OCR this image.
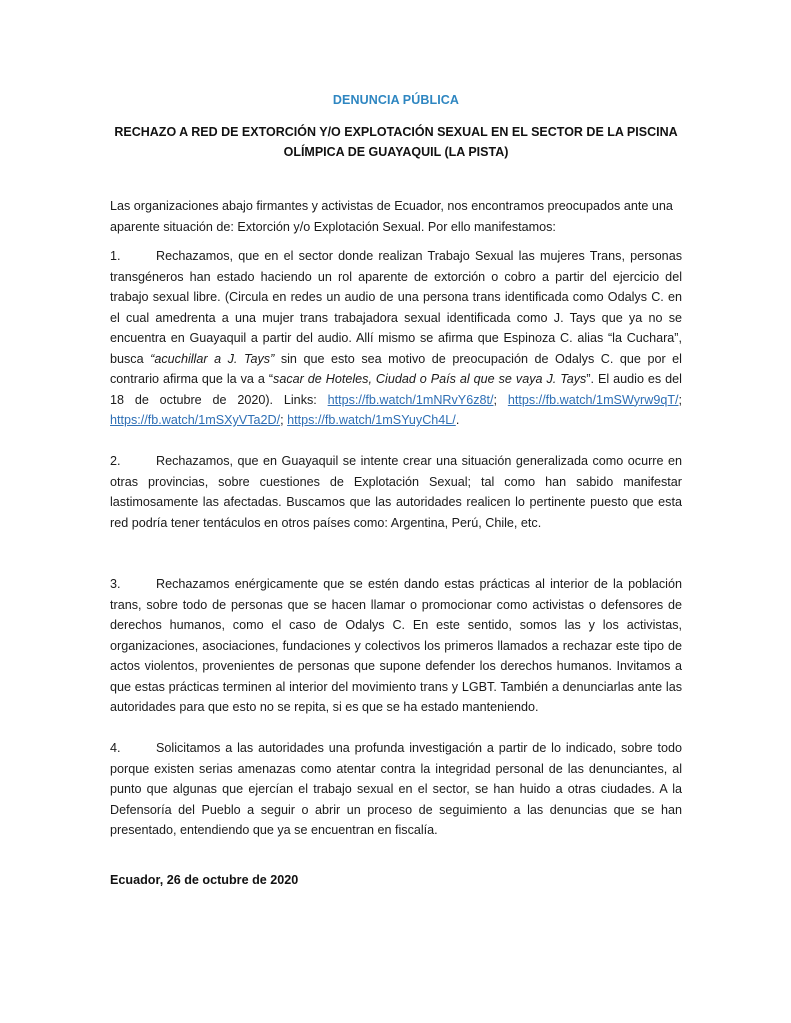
DENUNCIA PÚBLICA
RECHAZO A RED DE EXTORCIÓN Y/O EXPLOTACIÓN SEXUAL EN EL SECTOR DE LA PISCINA
OLÍMPICA DE GUAYAQUIL (LA PISTA)

Las organizaciones abajo firmantes y activistas de Ecuador, nos encontramos preocupados ante una aparente situación de: Extorción y/o Explotación Sexual. Por ello manifestamos:

1.	Rechazamos, que en el sector donde realizan Trabajo Sexual las mujeres Trans, personas transgéneros han estado haciendo un rol aparente de extorción o cobro a partir del ejercicio del trabajo sexual libre. (Circula en redes un audio de una persona trans identificada como Odalys C. en el cual amedrenta a una mujer trans trabajadora sexual identificada como J. Tays que ya no se encuentra en Guayaquil a partir del audio. Allí mismo se afirma que Espinoza C. alias “la Cuchara”, busca “acuchillar a J. Tays” sin que esto sea motivo de preocupación de Odalys C. que por el contrario afirma que la va a “sacar de Hoteles, Ciudad o País al que se vaya J. Tays”. El audio es del 18 de octubre de 2020). Links: https://fb.watch/1mNRvY6z8t/; https://fb.watch/1mSWyrw9qT/; https://fb.watch/1mSXyVTa2D/; https://fb.watch/1mSYuyCh4L/.

2.	Rechazamos, que en Guayaquil se intente crear una situación generalizada como ocurre en otras provincias, sobre cuestiones de Explotación Sexual; tal como han sabido manifestar lastimosamente las afectadas. Buscamos que las autoridades realicen lo pertinente puesto que esta red podría tener tentáculos en otros países como: Argentina, Perú, Chile, etc.

3.	Rechazamos enérgicamente que se estén dando estas prácticas al interior de la población trans, sobre todo de personas que se hacen llamar o promocionar como activistas o defensores de derechos humanos, como el caso de Odalys C. En este sentido, somos las y los activistas, organizaciones, asociaciones, fundaciones y colectivos los primeros llamados a rechazar este tipo de actos violentos, provenientes de personas que supone defender los derechos humanos. Invitamos a que estas prácticas terminen al interior del movimiento trans y LGBT. También a denunciarlas ante las autoridades para que esto no se repita, si es que se ha estado manteniendo.

4.	Solicitamos a las autoridades una profunda investigación a partir de lo indicado, sobre todo porque existen serias amenazas como atentar contra la integridad personal de las denunciantes, al punto que algunas que ejercían el trabajo sexual en el sector, se han huido a otras ciudades. A la Defensoría del Pueblo a seguir o abrir un proceso de seguimiento a las denuncias que se han presentado, entendiendo que ya se encuentran en fiscalía.

Ecuador, 26 de octubre de 2020
